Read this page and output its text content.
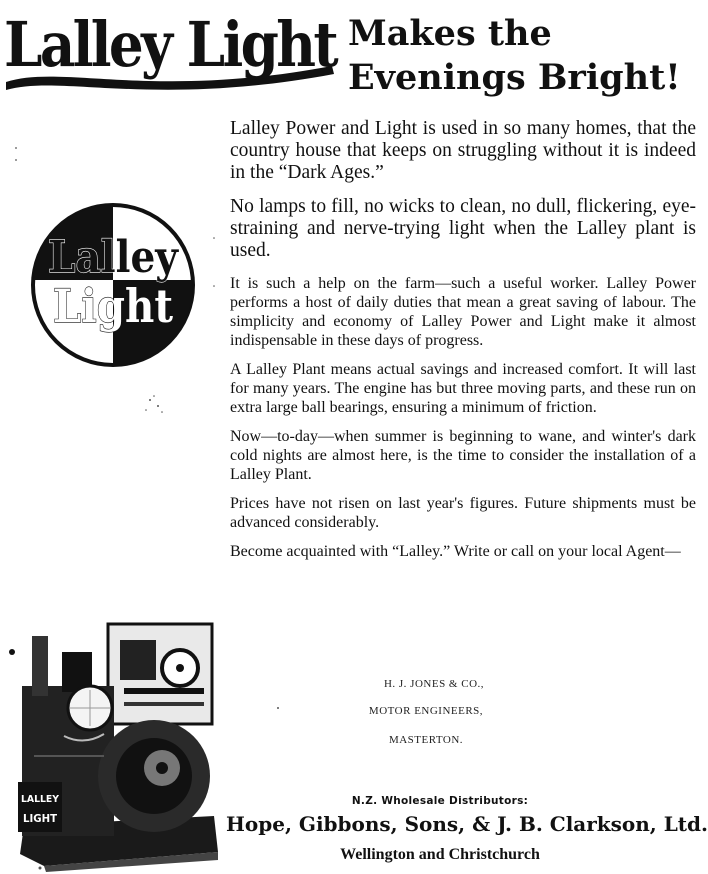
Lalley Light Makes the
Evenings Bright!
Lalley
Light

Lalley Power and Light is used in so many homes, that the country house that keeps on struggling without it is indeed in the “Dark Ages.”

No lamps to fill, no wicks to clean, no dull, flickering, eye-straining and nerve-trying light when the Lalley plant is used.

It is such a help on the farm—such a useful worker. Lalley Power performs a host of daily duties that mean a great saving of labour. The simplicity and economy of Lalley Power and Light make it almost indispensable in these days of progress.

A Lalley Plant means actual savings and increased comfort. It will last for many years. The engine has but three moving parts, and these run on extra large ball bearings, ensuring a minimum of friction.

Now—to-day—when summer is beginning to wane, and winter's dark cold nights are almost here, is the time to consider the installation of a Lalley Plant.

Prices have not risen on last year's figures. Future shipments must be advanced considerably.

Become acquainted with “Lalley.” Write or call on your local Agent—

H. J. JONES & CO.,
MOTOR ENGINEERS,
MASTERTON.
N.Z. Wholesale Distributors:
Hope, Gibbons, Sons, & J. B. Clarkson, Ltd.
Wellington and Christchurch
LALLEY
LIGHT
